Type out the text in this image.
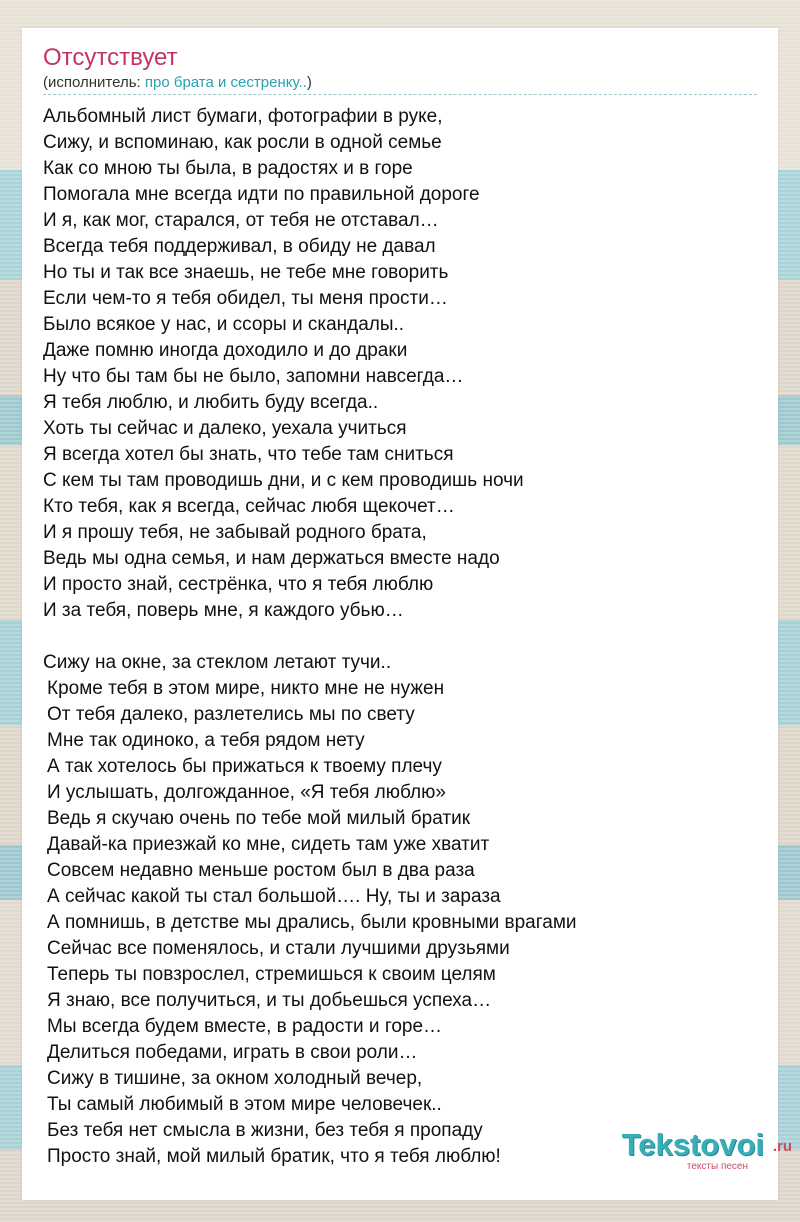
Отсутствует
(исполнитель: про брата и сестренку..)
Альбомный лист бумаги, фотографии в руке,
Сижу, и вспоминаю, как росли в одной семье
Как со мною ты была, в радостях и в горе
Помогала мне всегда идти по правильной дороге
И я, как мог, старался, от тебя не отставал…
Всегда тебя поддерживал, в обиду не давал
Но ты и так все знаешь, не тебе мне говорить
Если чем-то я тебя обидел, ты меня прости…
Было всякое у нас, и ссоры и скандалы..
Даже помню иногда доходило и до драки
Ну что бы там бы не было, запомни навсегда…
Я тебя люблю, и любить буду всегда..
Хоть ты сейчас и далеко, уехала учиться
Я всегда хотел бы знать, что тебе там сниться
С кем ты там проводишь дни, и с кем проводишь ночи
Кто тебя, как я всегда, сейчас любя щекочет…
И я прошу тебя, не забывай родного брата,
Ведь мы одна семья, и нам держаться вместе надо
И просто знай, сестрёнка, что я тебя люблю
И за тебя, поверь мне, я каждого убью…
Сижу на окне, за стеклом летают тучи..
Кроме тебя в этом мире, никто мне не нужен
От тебя далеко, разлетелись мы по свету
Мне так одиноко, а тебя рядом нету
А так хотелось бы прижаться к твоему плечу
И услышать, долгожданное, «Я тебя люблю»
Ведь я скучаю очень по тебе мой милый братик
Давай-ка приезжай ко мне, сидеть там уже хватит
Совсем недавно меньше ростом был в два раза
А сейчас какой ты стал большой…. Ну, ты и зараза
А помнишь, в детстве мы дрались, были кровными врагами
Сейчас все поменялось, и стали лучшими друзьями
Теперь ты повзрослел, стремишься к своим целям
Я знаю, все получиться, и ты добьешься успеха…
Мы всегда будем вместе, в радости и горе…
Делиться победами, играть в свои роли…
Сижу в тишине, за окном холодный вечер,
Ты самый любимый в этом мире человечек..
Без тебя нет смысла в жизни, без тебя я пропаду
Просто знай, мой милый братик, что я тебя люблю!	Tekstovoi .ru
тексты песен
